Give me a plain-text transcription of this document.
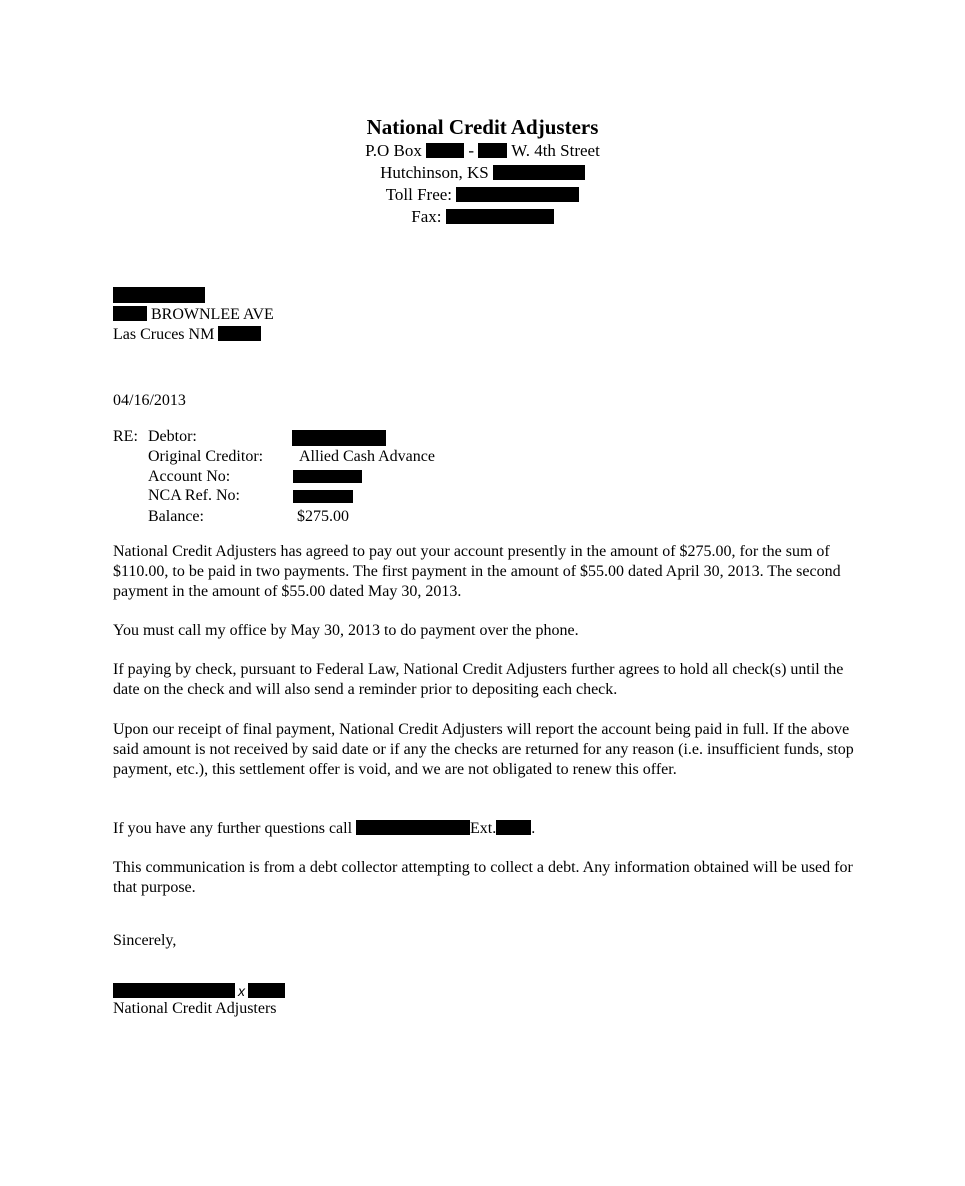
National Credit Adjusters
P.O Box	- W. 4th Street
Hutchinson, KS
Toll Free:
Fax:
BROWNLEE AVE
Las Cruces NM
04/16/2013
RE: Debtor:
Original Creditor: Allied Cash Advance
Account No:
NCA Ref. No:
Balance:	$275.00

National Credit Adjusters has agreed to pay out your account presently in the amount of $275.00, for the sum of $110.00, to be paid in two payments. The first payment in the amount of $55.00 dated April 30, 2013. The second payment in the amount of $55.00 dated May 30, 2013.

You must call my office by May 30, 2013 to do payment over the phone.

If paying by check, pursuant to Federal Law, National Credit Adjusters further agrees to hold all check(s) until the date on the check and will also send a reminder prior to depositing each check.

Upon our receipt of final payment, National Credit Adjusters will report the account being paid in full. If the above said amount is not received by said date or if any the checks are returned for any reason (i.e. insufficient funds, stop payment, etc.), this settlement offer is void, and we are not obligated to renew this offer.

If you have any further questions call	Ext. .

This communication is from a debt collector attempting to collect a debt. Any information obtained will be used for that purpose.

Sincerely,
x
National Credit Adjusters
